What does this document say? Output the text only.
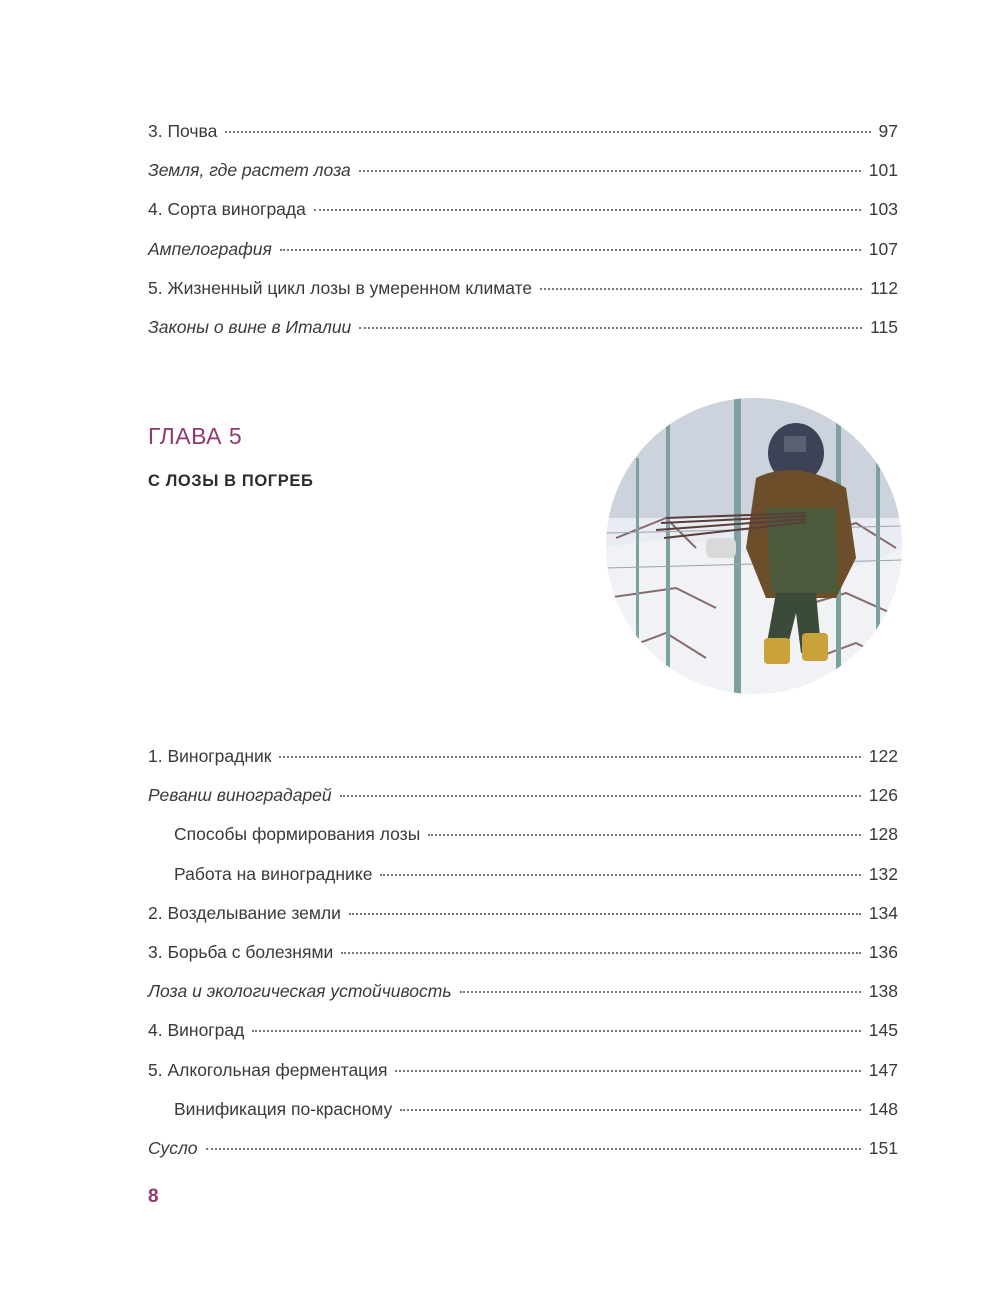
3. Почва	97
Земля, где растет лоза	101
4. Сорта винограда	103
Ампелография	107
5. Жизненный цикл лозы в умеренном климате	112
Законы о вине в Италии	115
ГЛАВА 5
С ЛОЗЫ В ПОГРЕБ
1. Виноградник	122
Реванш виноградарей	126
Способы формирования лозы	128
Работа на винограднике	132
2. Возделывание земли	134
3. Борьба с болезнями	136
Лоза и экологическая устойчивость	138
4. Виноград	145
5. Алкогольная ферментация	147
Винификация по-красному	148
Сусло	151
8
